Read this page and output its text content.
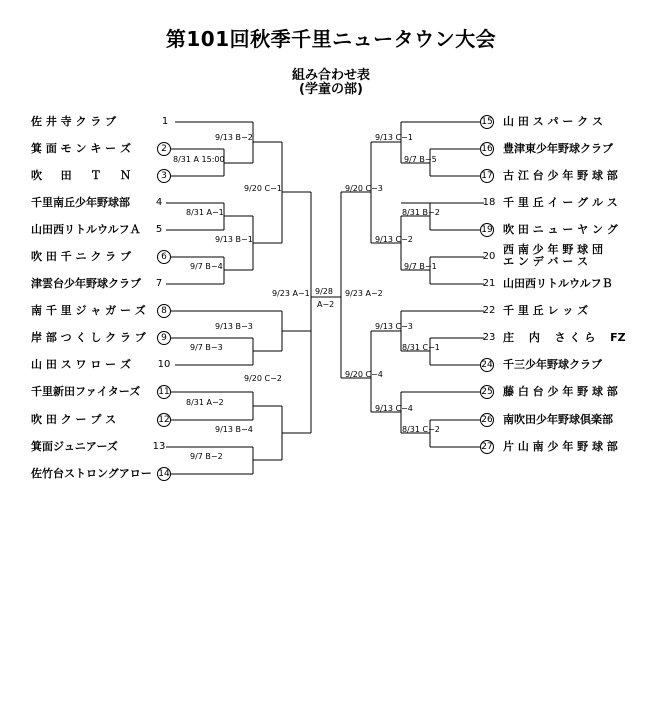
第101回秋季千里ニュータウン大会
組み合わせ表
(学童の部)
佐 井 寺 ク ラ ブ	1
箕 面 モ ン キ ー ズ	2
吹 　 田 　 Ｔ 　 Ｎ	3
千里南丘少年野球部	4
山田西リトルウルフＡ	5
吹 田 千 ニ ク ラ ブ	6
津雲台少年野球クラブ	7
南 千 里 ジ ャ ガ ー ズ	8
岸 部 つ く し ク ラ ブ	9
山 田 ス ワ ロ ー ズ	10
千里新田ファイターズ 11
吹 田 ク ー プ ス	12
箕面ジュニアーズ	13
佐竹台ストロングアロー 14
15 山 田 ス パ ー ク ス
16 豊津東少年野球クラブ
17 古 江 台 少 年 野 球 部
18 千 里 丘 イ ー グ ル ス
19 吹 田 ニ ュ ー ヤ ン グ
20
西 南 少 年 野 球 団
エ ン デ バ ー ス
21 山田西リトルウルフＢ
22 千 里 丘 レ ッ ズ
23 庄 　内 　さ く ら 　FZ
24 千三少年野球クラブ
25 藤 白 台 少 年 野 球 部
26 南吹田少年野球倶楽部
27 片 山 南 少 年 野 球 部
8/31 A 15:00
9/13 B−2
8/31 A−1
9/7 B−4
9/13 B−1
9/20 C−1
9/7 B−3
9/13 B−3
8/31 A−2
9/7 B−2
9/13 B−4
9/20 C−2
9/23 A−1 9/28
A−2
9/23 A−2
9/7 B−5
9/13 C−1
9/20 C−3
8/31 B−2
9/7 B−1
9/13 C−2
8/31 C−1
9/13 C−3
9/20 C−4
8/31 C−2
9/13 C−4
